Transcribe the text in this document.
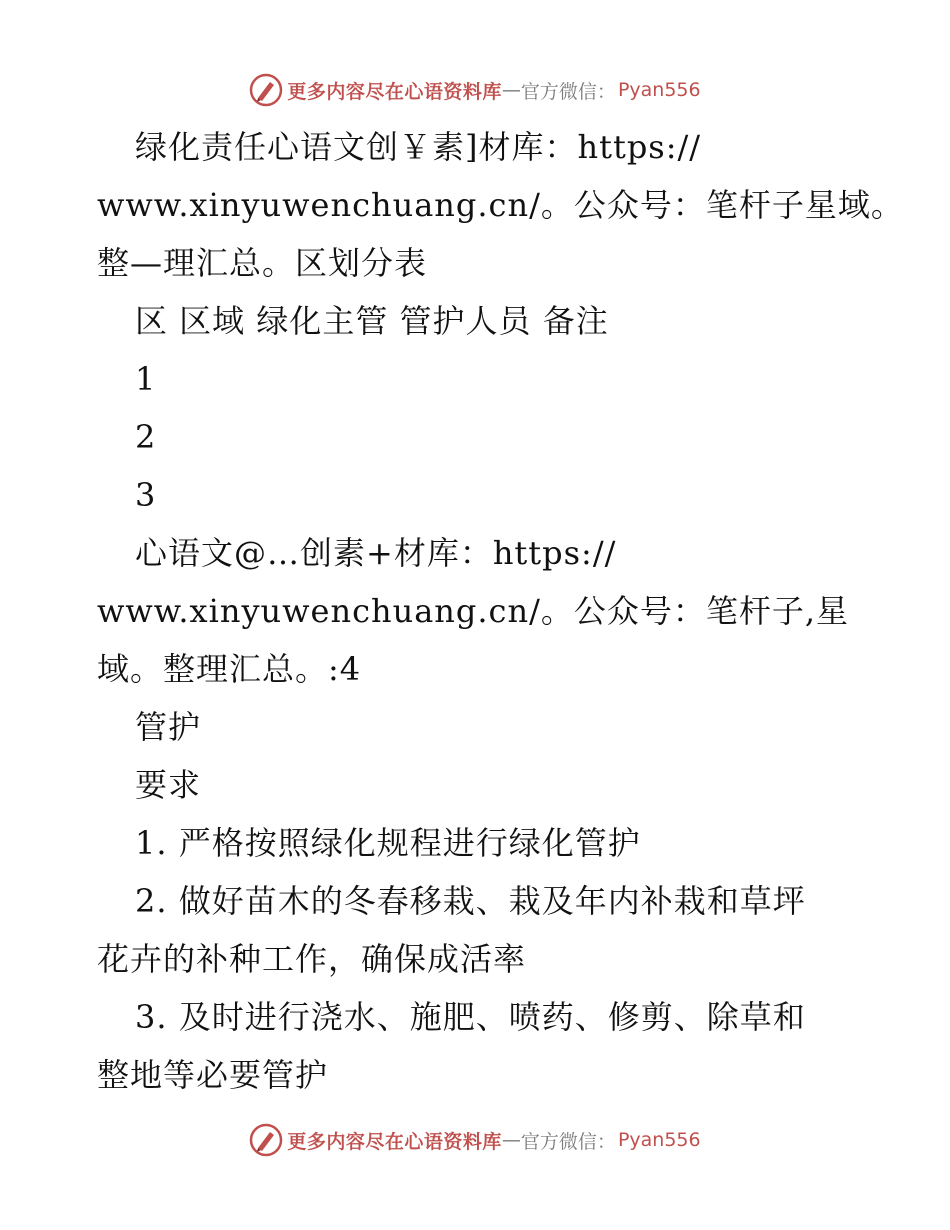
更多内容尽在心语资料库 — 官方微信： Pyan556

绿化责任心语文创￥素]材库：https://

www.xinyuwenchuang.cn/。公众号：笔杆子星域。

整—理汇总。区划分表

区 区域 绿化主管 管护人员 备注

1

2

3

心语文@…创素+材库：https://

www.xinyuwenchuang.cn/。公众号：笔杆子,星

域。整理汇总。:4

管护

要求

1. 严格按照绿化规程进行绿化管护

2. 做好苗木的冬春移栽、栽及年内补栽和草坪

花卉的补种工作，确保成活率

3. 及时进行浇水、施肥、喷药、修剪、除草和

整地等必要管护

更多内容尽在心语资料库 — 官方微信： Pyan556
